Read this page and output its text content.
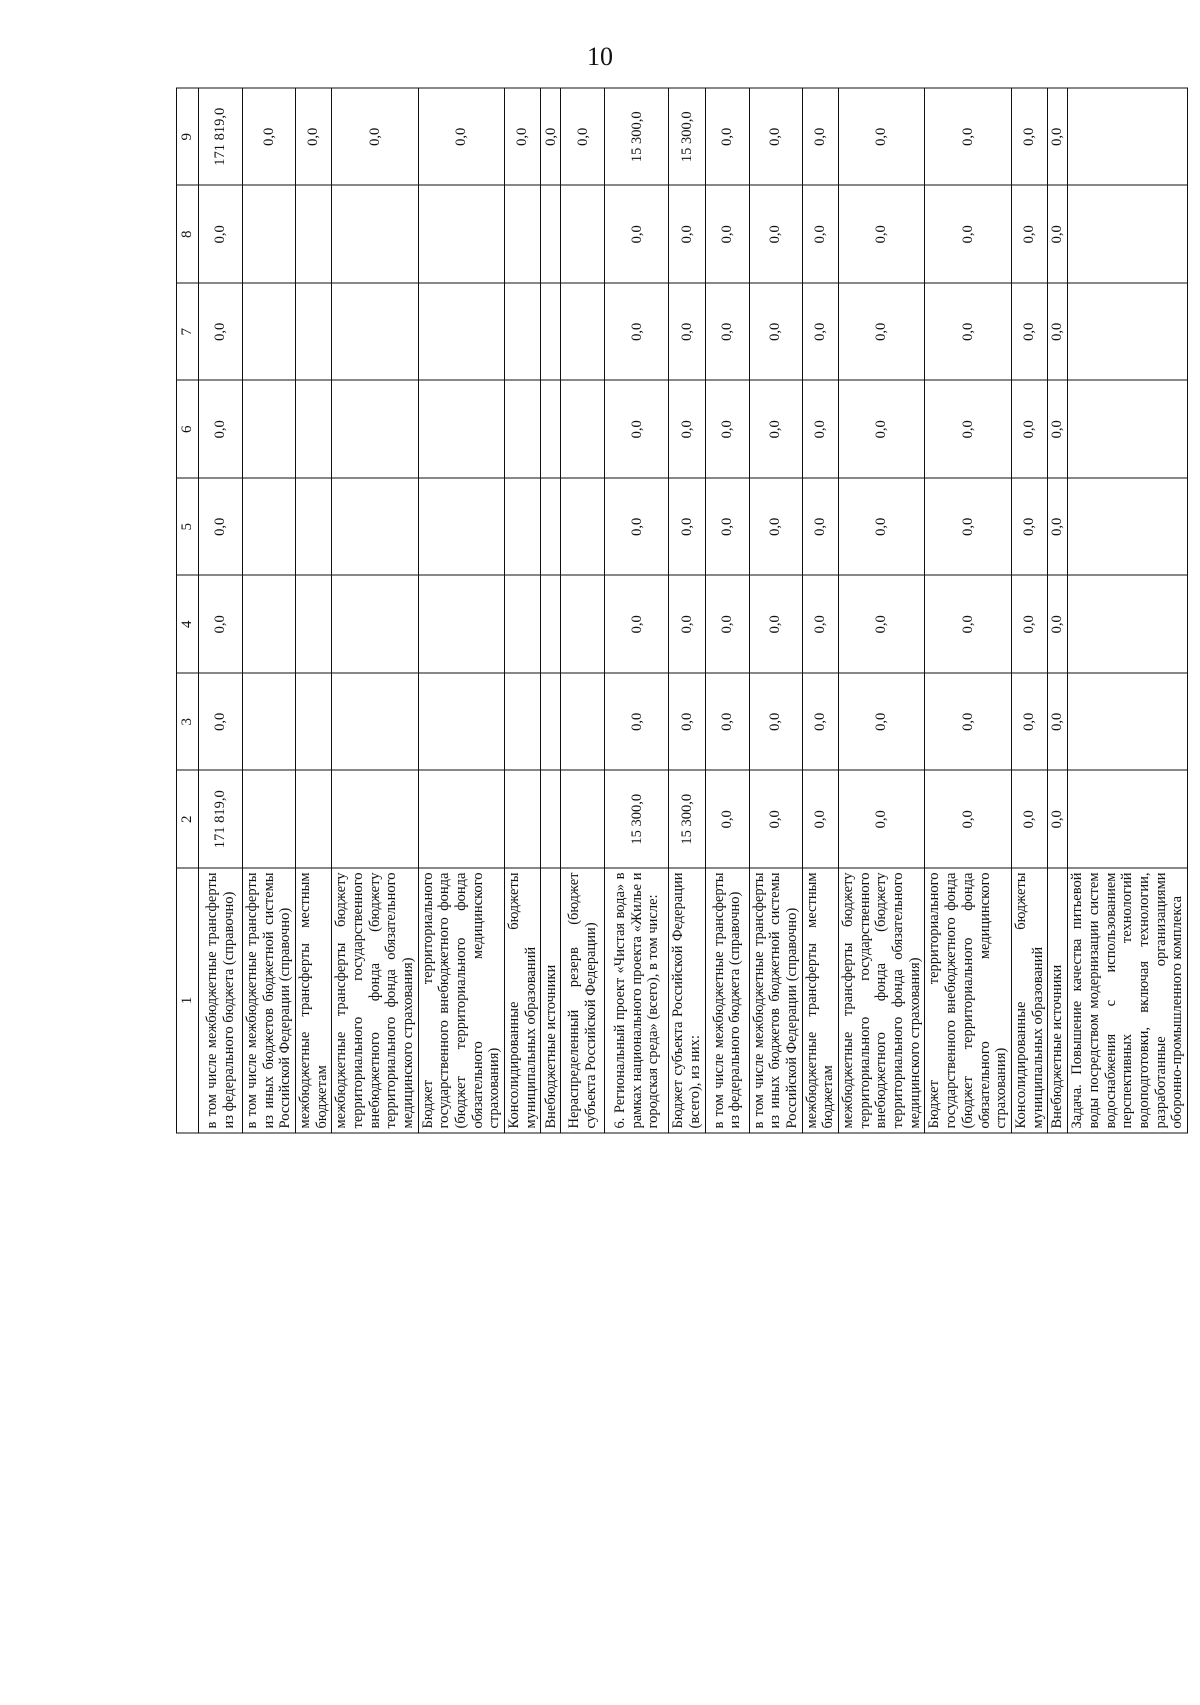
10
1	2	3	4	5	6	7	8	9
в том числе межбюджетные трансферты из федерального бюджета (справочно)	171 819,0	0,0	0,0	0,0	0,0	0,0	0,0	171 819,0
в том числе межбюджетные трансферты из иных бюджетов бюджетной системы Российской Федерации (справочно)								0,0
межбюджетные трансферты местным бюджетам								0,0
межбюджетные трансферты бюджету территориального государственного внебюджетного фонда (бюджету территориального фонда обязательного медицинского страхования)								0,0
Бюджет территориального государственного внебюджетного фонда (бюджет территориального фонда обязательного медицинского страхования)								0,0
Консолидированные бюджеты муниципальных образований								0,0
Внебюджетные источники								0,0
Нераспределенный резерв (бюджет субъекта Российской Федерации)								0,0
6. Региональный проект «Чистая вода» в рамках национального проекта «Жилье и городская среда» (всего), в том числе:	15 300,0	0,0	0,0	0,0	0,0	0,0	0,0	15 300,0
Бюджет субъекта Российской Федерации (всего), из них:	15 300,0	0,0	0,0	0,0	0,0	0,0	0,0	15 300,0
в том числе межбюджетные трансферты из федерального бюджета (справочно)	0,0	0,0	0,0	0,0	0,0	0,0	0,0	0,0
в том числе межбюджетные трансферты из иных бюджетов бюджетной системы Российской Федерации (справочно)	0,0	0,0	0,0	0,0	0,0	0,0	0,0	0,0
межбюджетные трансферты местным бюджетам	0,0	0,0	0,0	0,0	0,0	0,0	0,0	0,0
межбюджетные трансферты бюджету территориального государственного внебюджетного фонда (бюджету территориального фонда обязательного медицинского страхования)	0,0	0,0	0,0	0,0	0,0	0,0	0,0	0,0
Бюджет территориального государственного внебюджетного фонда (бюджет территориального фонда обязательного медицинского страхования)	0,0	0,0	0,0	0,0	0,0	0,0	0,0	0,0
Консолидированные бюджеты муниципальных образований	0,0	0,0	0,0	0,0	0,0	0,0	0,0	0,0
Внебюджетные источники	0,0	0,0	0,0	0,0	0,0	0,0	0,0	0,0
Задача. Повышение качества питьевой воды посредством модернизации систем водоснабжения с использованием перспективных технологий водоподготовки, включая технологии, разработанные организациями оборонно-промышленного комплекса								
